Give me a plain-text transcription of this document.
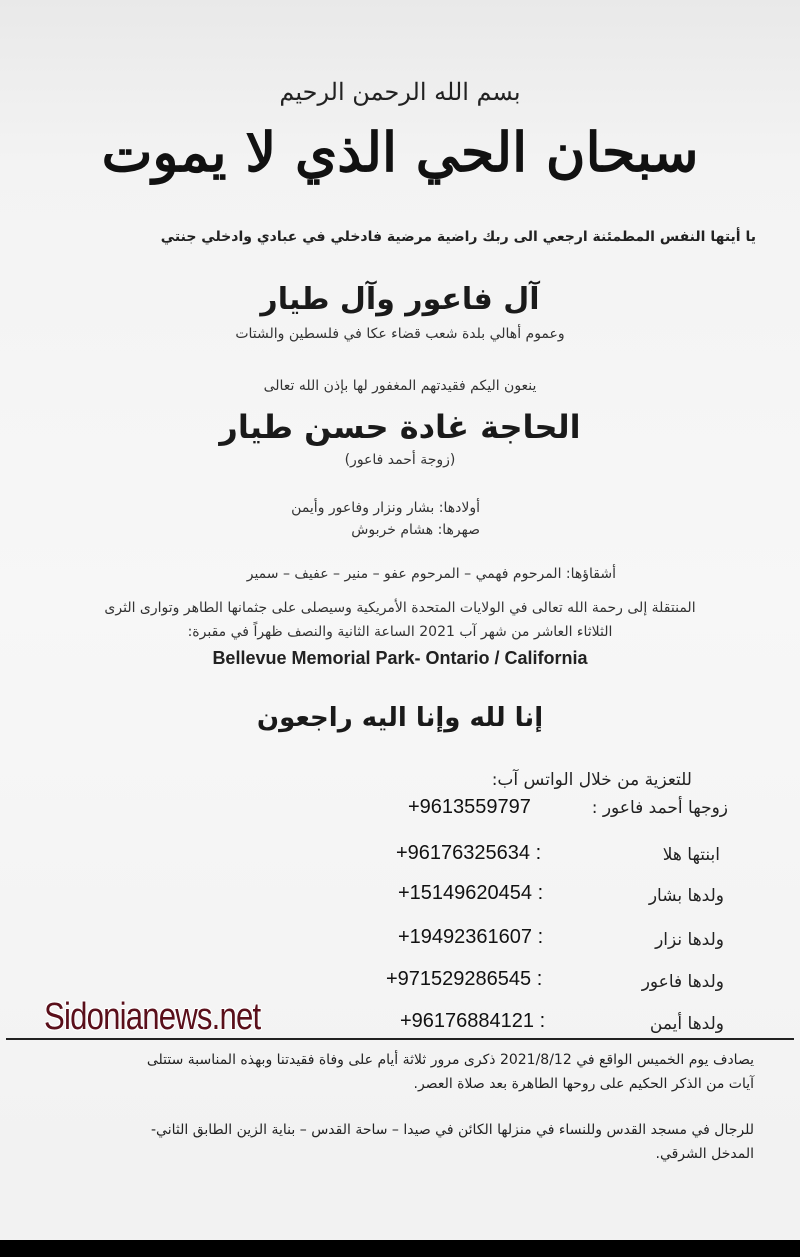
بسم الله الرحمن الرحيم
سبحان الحي الذي لا يموت
يا أيتها النفس المطمئنة ارجعي الى ربك راضية مرضية فادخلي في عبادي وادخلي جنتي
آل فاعور وآل طيار
وعموم أهالي بلدة شعب قضاء عكا في فلسطين والشتات
ينعون اليكم فقيدتهم المغفور لها بإذن الله تعالى
الحاجة غادة حسن طيار
(زوجة أحمد فاعور)
أولادها: بشار ونزار وفاعور وأيمن
صهرها: هشام خربوش
أشقاؤها: المرحوم فهمي – المرحوم عفو – منير – عفيف – سمير
المنتقلة إلى رحمة الله تعالى في الولايات المتحدة الأمريكية وسيصلى على جثمانها الطاهر وتوارى الثرى
الثلاثاء العاشر من شهر آب 2021 الساعة الثانية والنصف ظهراً في مقبرة:
Bellevue Memorial Park- Ontario / California
إنا لله وإنا اليه راجعون
للتعزية من خلال الواتس آب:
زوجها أحمد فاعور :
+9613559797
ابنتها هلا
+96176325634 :
ولدها بشار
+15149620454 :
ولدها نزار
+19492361607 :
ولدها فاعور
+971529286545 :
ولدها أيمن
+96176884121 :
Sidonianews.net
يصادف يوم الخميس الواقع في 2021/8/12 ذكرى مرور ثلاثة أيام على وفاة فقيدتنا وبهذه المناسبة ستتلى
آيات من الذكر الحكيم على روحها الطاهرة بعد صلاة العصر.
للرجال في مسجد القدس وللنساء في منزلها الكائن في صيدا – ساحة القدس – بناية الزين الطابق الثاني-
المدخل الشرقي.
